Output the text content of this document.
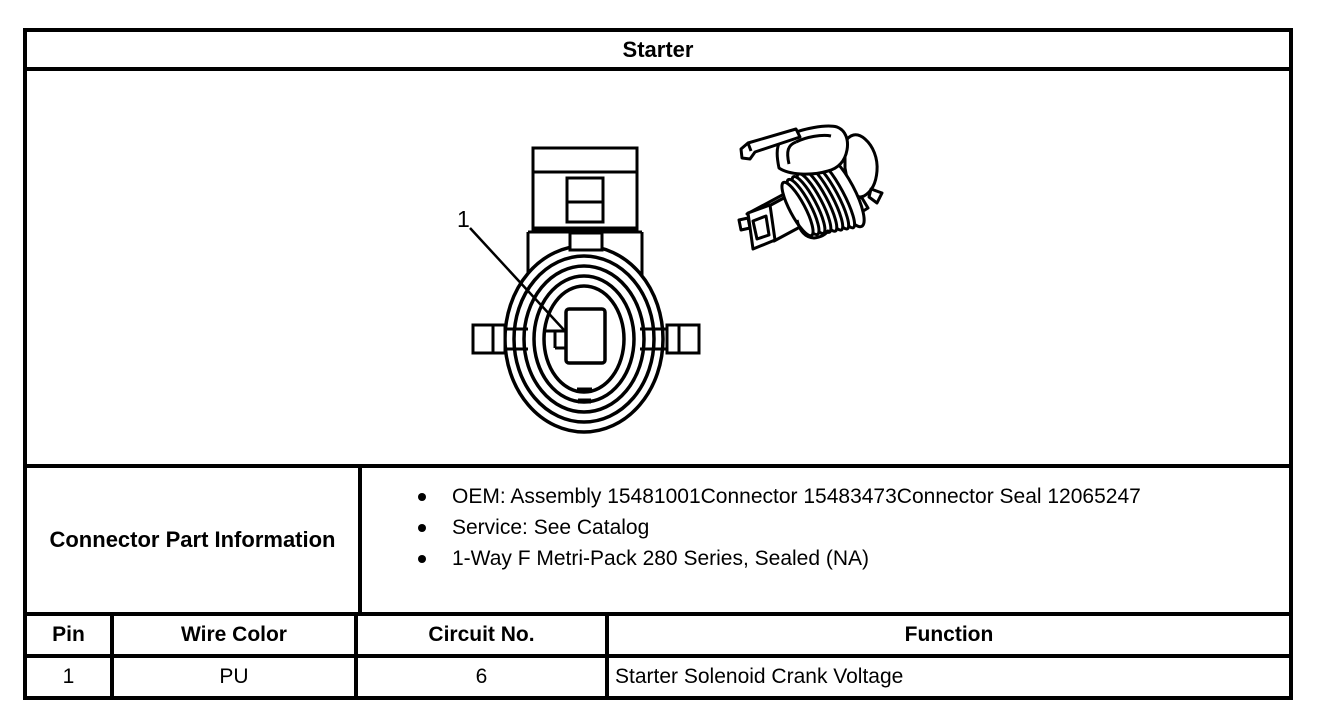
Starter
Connector Part Information
OEM: Assembly 15481001Connector 15483473Connector Seal 12065247
Service: See Catalog
1-Way F Metri-Pack 280 Series, Sealed (NA)
Pin	Wire Color	Circuit No.	Function
1	PU	6	Starter Solenoid Crank Voltage
1
